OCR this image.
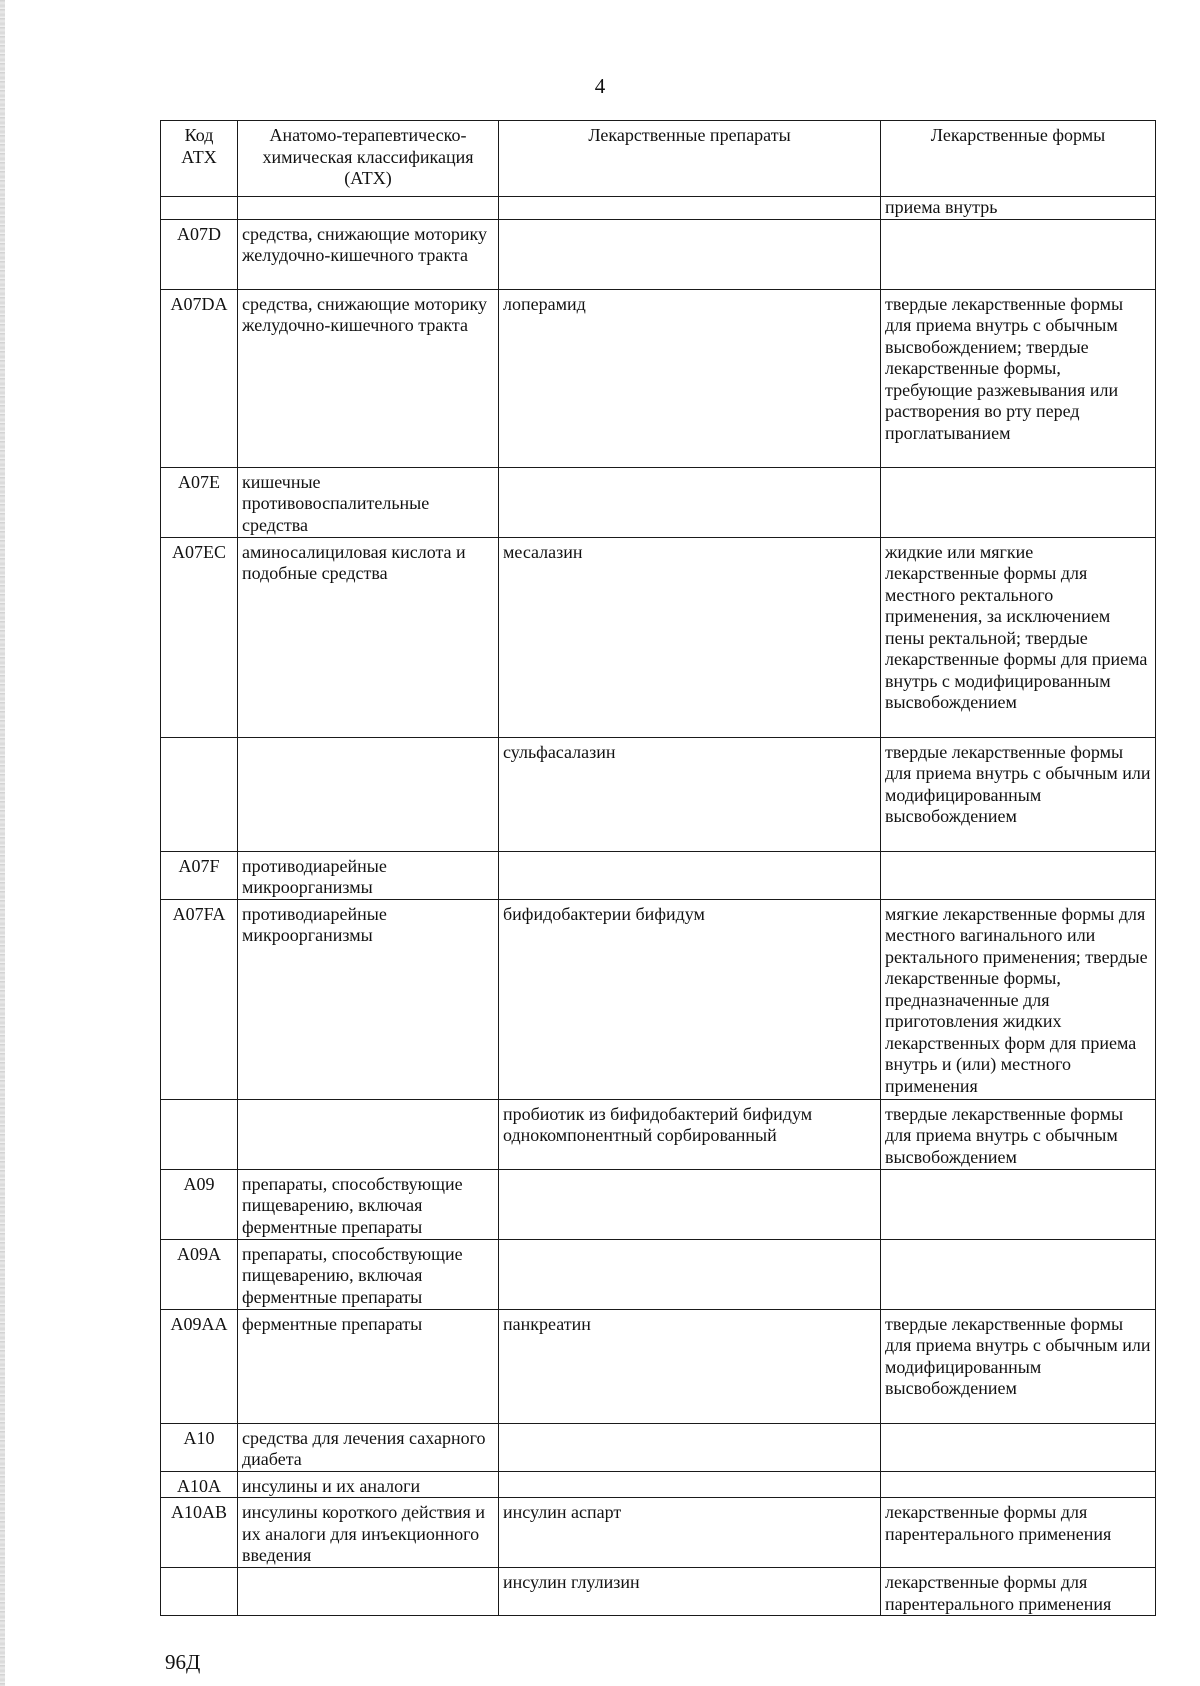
4
Код
АТХ	Анатомо-терапевтическо-химическая классификация (АТХ)	Лекарственные препараты	Лекарственные формы
			приема внутрь
A07D	средства, снижающие моторику желудочно-кишечного тракта		
A07DA	средства, снижающие моторику желудочно-кишечного тракта	лоперамид	твердые лекарственные формы для приема внутрь с обычным высвобождением; твердые лекарственные формы, требующие разжевывания или растворения во рту перед проглатыванием
A07E	кишечные противовоспалительные средства		
A07EC	аминосалициловая кислота и подобные средства	месалазин	жидкие или мягкие лекарственные формы для местного ректального применения, за исключением пены ректальной; твердые лекарственные формы для приема внутрь с модифицированным высвобождением
		сульфасалазин	твердые лекарственные формы для приема внутрь с обычным или модифицированным высвобождением
A07F	противодиарейные микроорганизмы		
A07FA	противодиарейные микроорганизмы	бифидобактерии бифидум	мягкие лекарственные формы для местного вагинального или ректального применения; твердые лекарственные формы, предназначенные для приготовления жидких лекарственных форм для приема внутрь и (или) местного применения
		пробиотик из бифидобактерий бифидум однокомпонентный сорбированный	твердые лекарственные формы для приема внутрь с обычным высвобождением
A09	препараты, способствующие пищеварению, включая ферментные препараты		
A09A	препараты, способствующие пищеварению, включая ферментные препараты		
A09AA	ферментные препараты	панкреатин	твердые лекарственные формы для приема внутрь с обычным или модифицированным высвобождением
A10	средства для лечения сахарного диабета		
A10A	инсулины и их аналоги		
A10AB	инсулины короткого действия и их аналоги для инъекционного введения	инсулин аспарт	лекарственные формы для парентерального применения
		инсулин глулизин	лекарственные формы для парентерального применения
96Д
